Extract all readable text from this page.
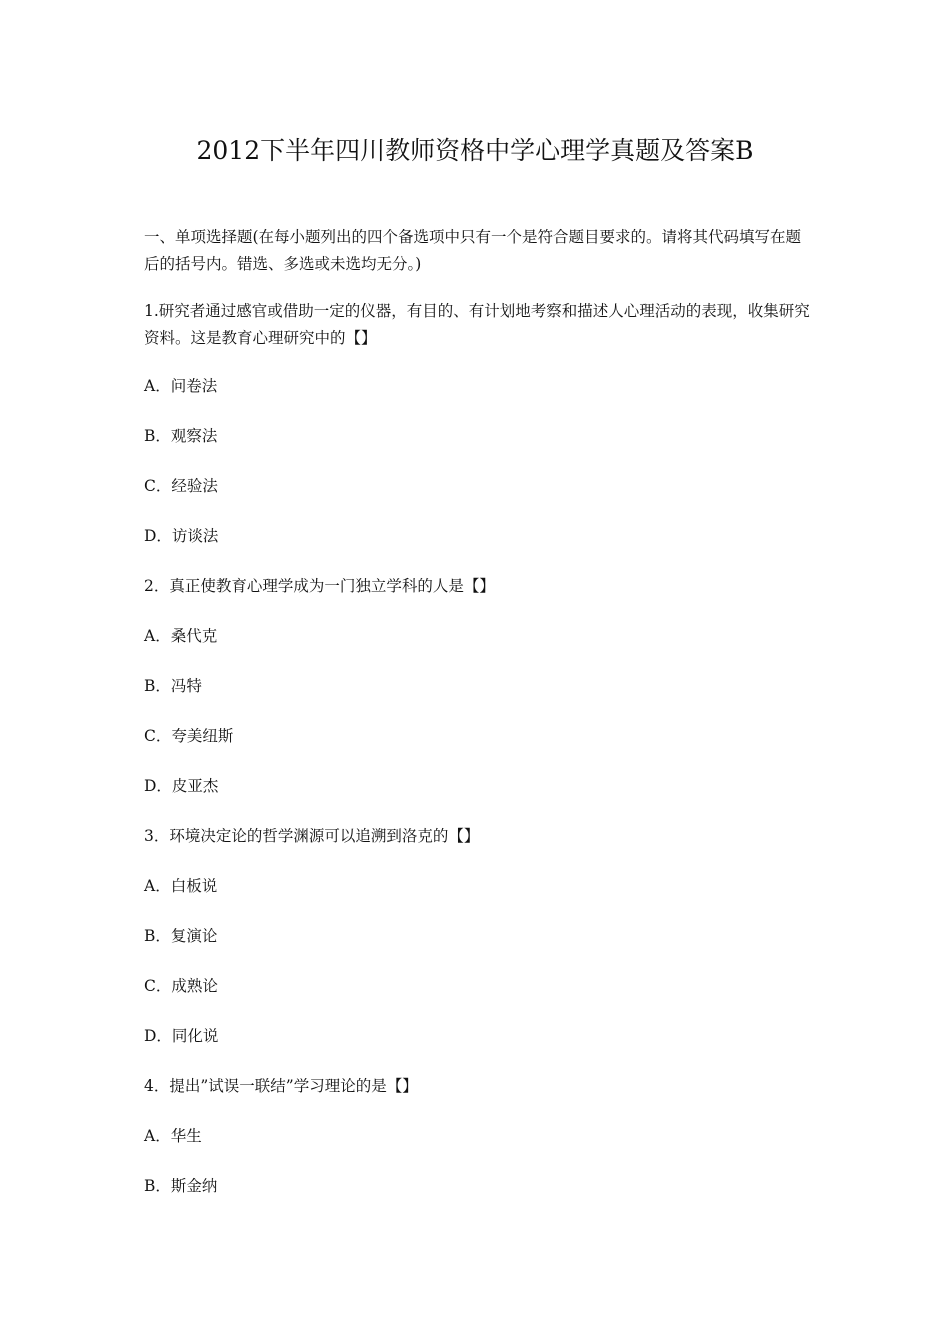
2012下半年四川教师资格中学心理学真题及答案B

一、单项选择题(在每小题列出的四个备选项中只有一个是符合题目要求的。请将其代码填写在题后的括号内。错选、多选或未选均无分。)

1.研究者通过感官或借助一定的仪器，有目的、有计划地考察和描述人心理活动的表现，收集研究资料。这是教育心理研究中的【】

A．问卷法

B．观察法

C．经验法

D．访谈法

2．真正使教育心理学成为一门独立学科的人是【】

A．桑代克

B．冯特

C．夸美纽斯

D．皮亚杰

3．环境决定论的哲学渊源可以追溯到洛克的【】

A．白板说

B．复演论

C．成熟论

D．同化说

4．提出”试误一联结”学习理论的是【】

A．华生

B．斯金纳
